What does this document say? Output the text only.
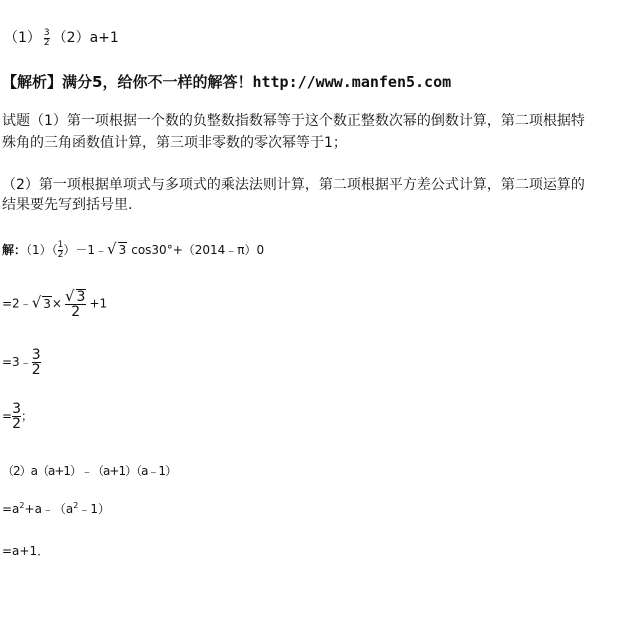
$(1) \frac{3}{2} (2)a+1$
【解析】满分5，给你不一样的解答！http://www.manfen5.com
试题（1）第一项根据一个数的负整数指数幂等于这个数正整数次幂的倒数计算，第二项根据特
殊角的三角函数值计算，第三项非零数的零次幂等于1；
（2）第一项根据单项式与多项式的乘法法则计算，第二项根据平方差公式计算，第二项运算的
结果要先写到括号里.
解：$(1)( \frac{1}{2}$ ）－1﹣√ 3 cos30°+（2014﹣π）0
=2﹣√ $3\times \frac{√ 3}{2} +1$
=3﹣ $\frac{3}{2}$
= $\frac{3}{2}$ ；
（2）a（a+1）﹣（a+1）（a﹣1）
$=a^2+a﹣(a^2﹣1)$
=a+1．
